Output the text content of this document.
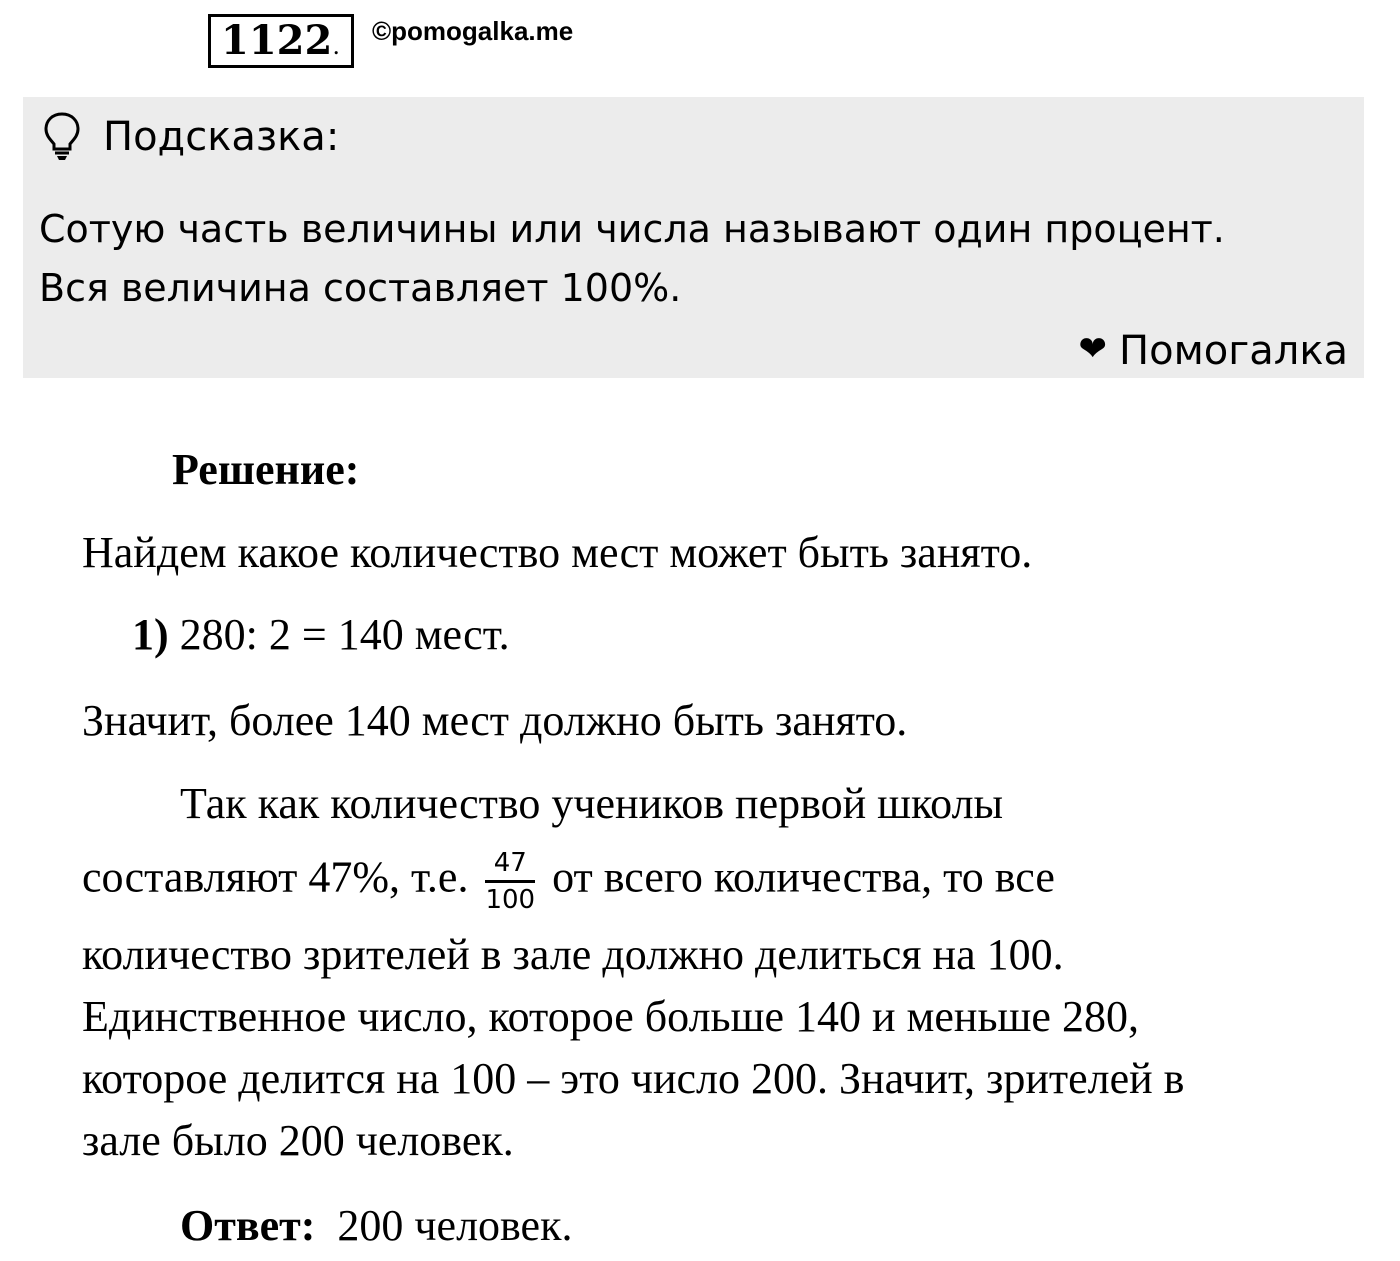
1122.	©pomogalka.me
Подсказка:
Сотую часть величины или числа называют один процент.
Вся величина составляет 100%.
❤ Помогалка
Решение:
Найдем какое количество мест может быть занято.
1) 280: 2 = 140 мест.
Значит, более 140 мест должно быть занято.
Так как количество учеников первой школы
составляют 47%, т.е. $\frac{47}{100}$ от всего количества, то все
количество зрителей в зале должно делиться на 100.
Единственное число, которое больше 140 и меньше 280,
которое делится на 100 – это число 200. Значит, зрителей в
зале было 200 человек.
Ответ: 200 человек.
